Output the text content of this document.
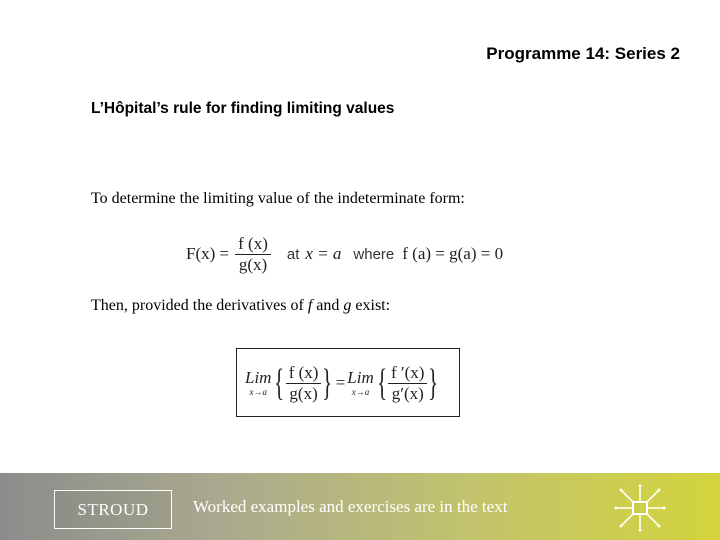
Programme 14: Series 2
L’Hôpital’s rule for finding limiting values
To determine the limiting value of the indeterminate form:
$F(x) = \frac{f (x)}{g(x)}$ at x = a where f (a) = g(a) = 0
Then, provided the derivatives of f and g exist:
Lim
x→a { $\frac{f (x)}{g(x)}$ } = Lim
x→a { $\frac{f '(x)}{g'(x)}$ }
STROUD	Worked examples and exercises are in the text
